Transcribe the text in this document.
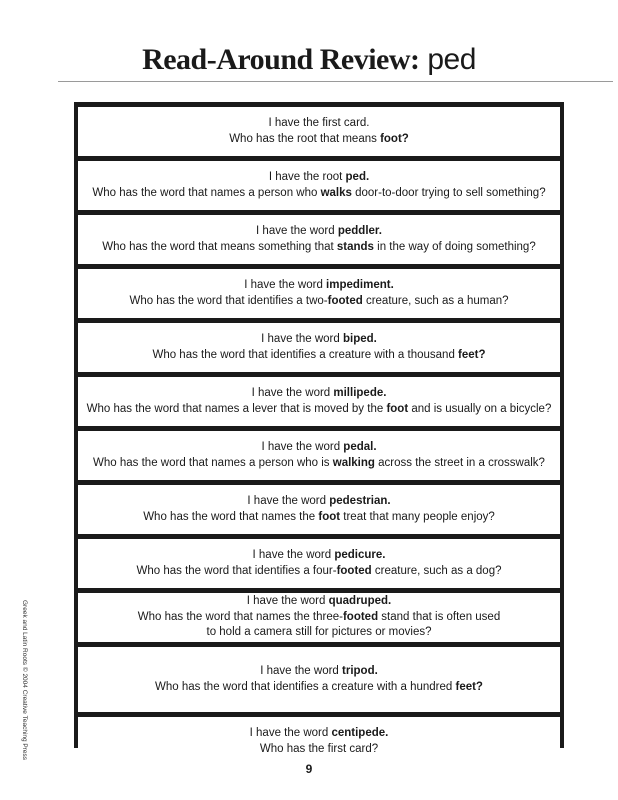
Read-Around Review: ped
I have the first card.
Who has the root that means foot?
I have the root ped.
Who has the word that names a person who walks door-to-door trying to sell something?
I have the word peddler.
Who has the word that means something that stands in the way of doing something?
I have the word impediment.
Who has the word that identifies a two-footed creature, such as a human?
I have the word biped.
Who has the word that identifies a creature with a thousand feet?
I have the word millipede.
Who has the word that names a lever that is moved by the foot and is usually on a bicycle?
I have the word pedal.
Who has the word that names a person who is walking across the street in a crosswalk?
I have the word pedestrian.
Who has the word that names the foot treat that many people enjoy?
I have the word pedicure.
Who has the word that identifies a four-footed creature, such as a dog?
I have the word quadruped.
Who has the word that names the three-footed stand that is often used
to hold a camera still for pictures or movies?
I have the word tripod.
Who has the word that identifies a creature with a hundred feet?
I have the word centipede.
Who has the first card?
Greek and Latin Roots © 2004 Creative Teaching Press
9
